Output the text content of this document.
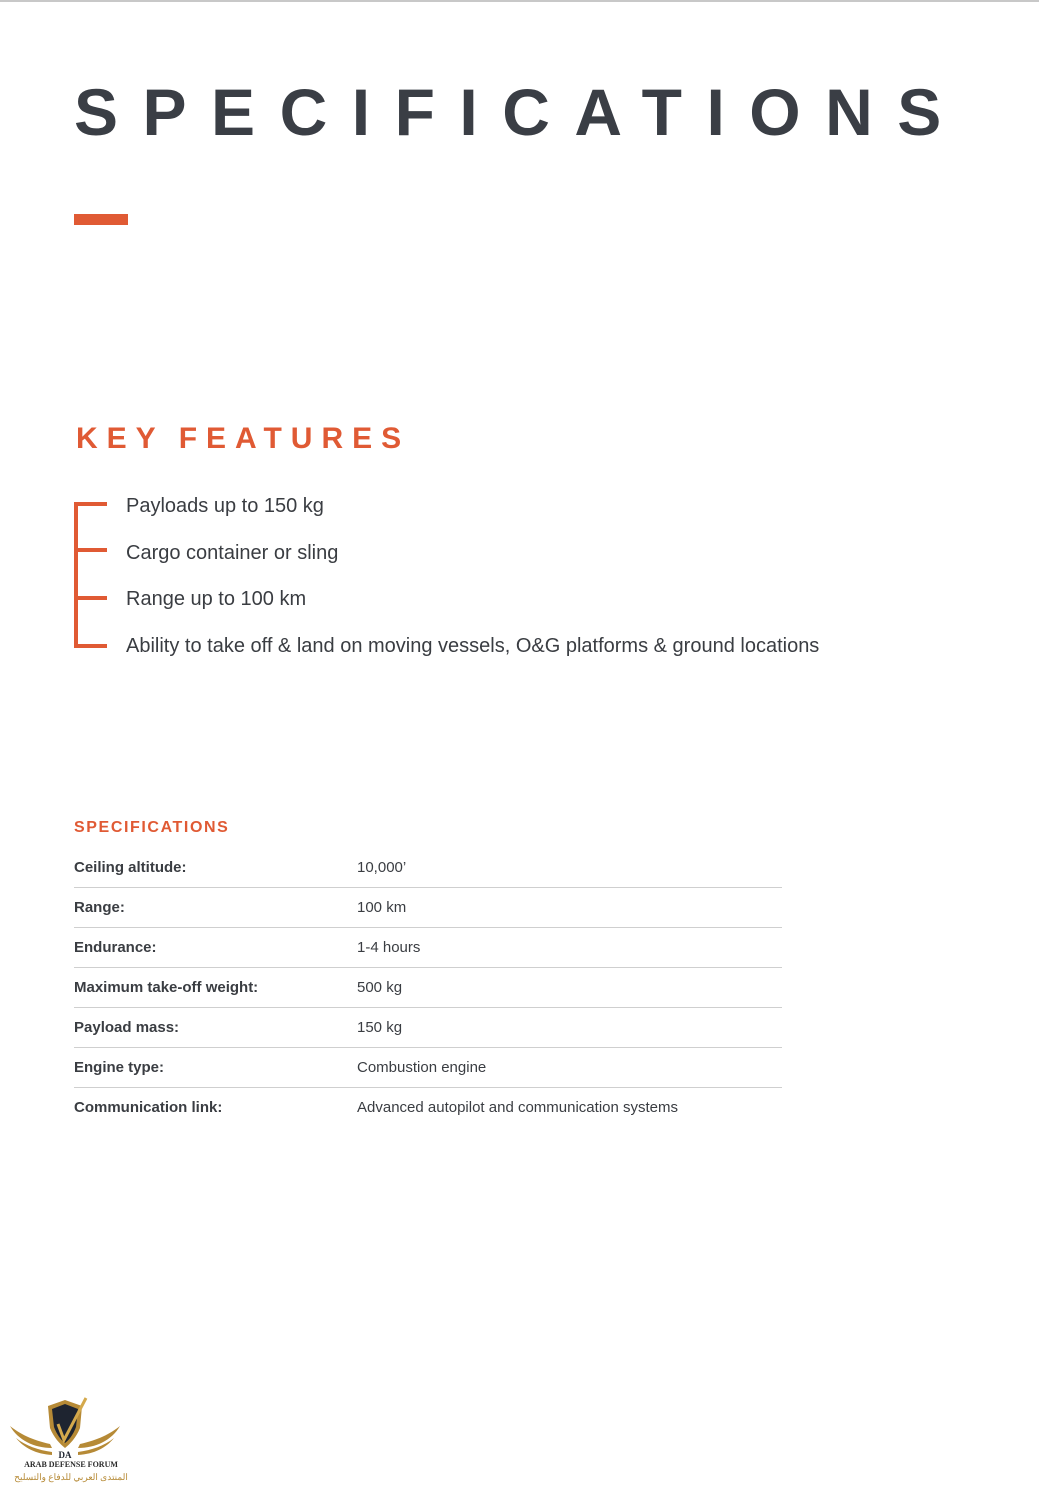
SPECIFICATIONS
KEY FEATURES
Payloads up to 150 kg
Cargo container or sling
Range up to 100 km
Ability to take off & land on moving vessels, O&G platforms & ground locations
SPECIFICATIONS
Ceiling altitude:	10,000’
Range:	100 km
Endurance:	1-4 hours
Maximum take-off weight:	500 kg
Payload mass:	150 kg
Engine type:	Combustion engine
Communication link:	Advanced autopilot and communication systems
DA
ARAB DEFENSE FORUM
المنتدى العربي للدفاع والتسليح
